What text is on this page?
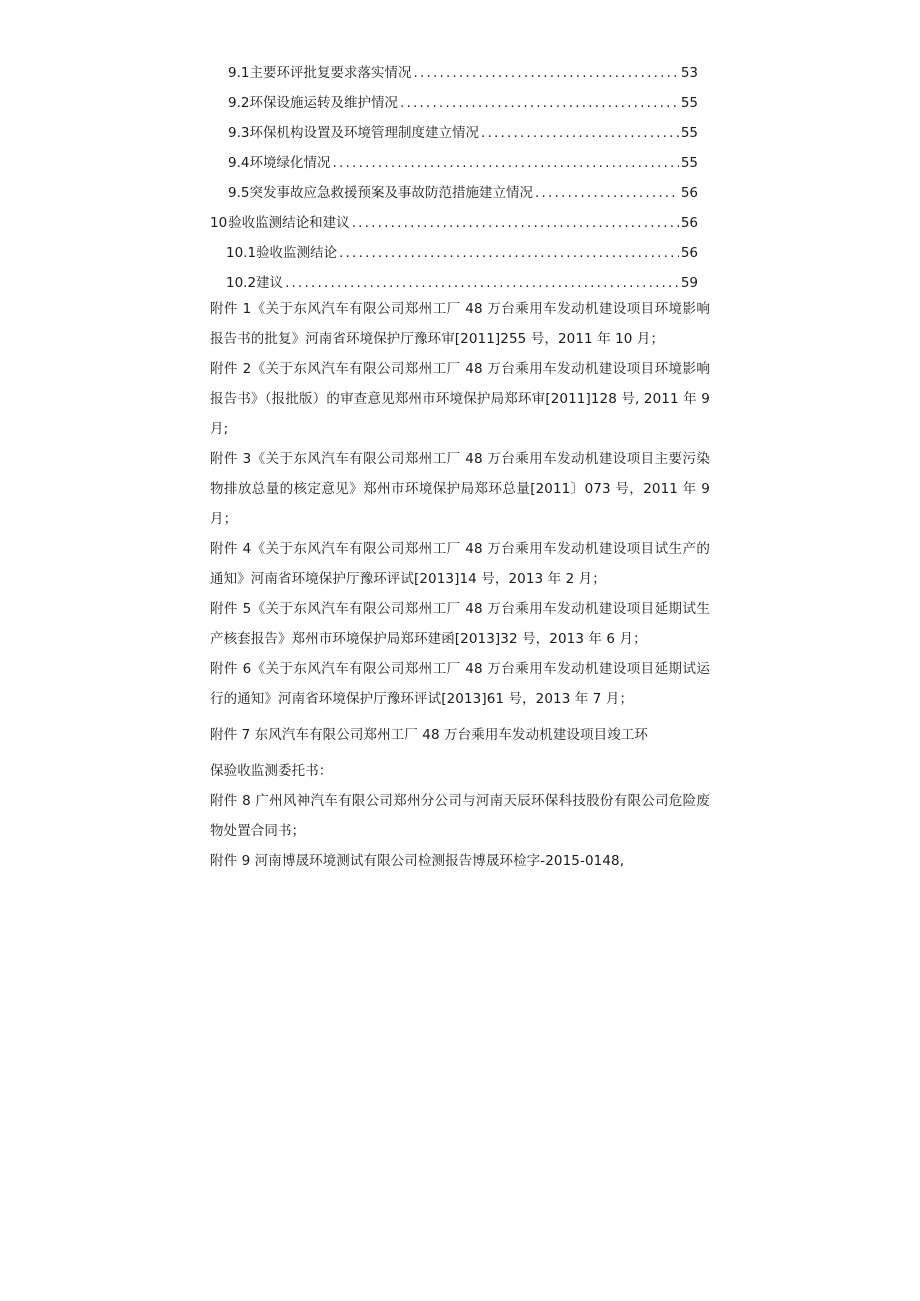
9.1 主要环评批复要求落实情况 .....	53
9.2 环保设施运转及维护情况 .....	55
9.3 环保机构设置及环境管理制度建立情况 .....	55
9.4 环境绿化情况 .....	55
9.5 突发事故应急救援预案及事故防范措施建立情况 .....	56
10 验收监测结论和建议 .....	56
10.1 验收监测结论 .....	56
10.2 建议 .....	59
附件 1《关于东风汽车有限公司郑州工厂 48 万台乘用车发动机建设项目环境影响报告书的批复》河南省环境保护厅豫环审[2011]255 号，2011 年 10 月；
附件 2《关于东风汽车有限公司郑州工厂 48 万台乘用车发动机建设项目环境影响报告书》（报批版）的审查意见郑州市环境保护局郑环审[2011]128 号, 2011 年 9 月;
附件 3《关于东风汽车有限公司郑州工厂 48 万台乘用车发动机建设项目主要污染物排放总量的核定意见》郑州市环境保护局郑环总量[2011〕073 号，2011 年 9 月；
附件 4《关于东风汽车有限公司郑州工厂 48 万台乘用车发动机建设项目试生产的通知》河南省环境保护厅豫环评试[2013]14 号，2013 年 2 月；
附件 5《关于东风汽车有限公司郑州工厂 48 万台乘用车发动机建设项目延期试生产核套报告》郑州市环境保护局郑环建函[2013]32 号，2013 年 6 月；
附件 6《关于东风汽车有限公司郑州工厂 48 万台乘用车发动机建设项目延期试运行的通知》河南省环境保护厅豫环评试[2013]61 号，2013 年 7 月；
附件 7 东风汽车有限公司郑州工厂 48 万台乘用车发动机建设项目竣工环
保验收监测委托书：
附件 8 广州风神汽车有限公司郑州分公司与河南天辰环保科技股份有限公司危险废物处置合同书；
附件 9 河南博晟环境测试有限公司检测报告博晟环检字-2015-0148,
